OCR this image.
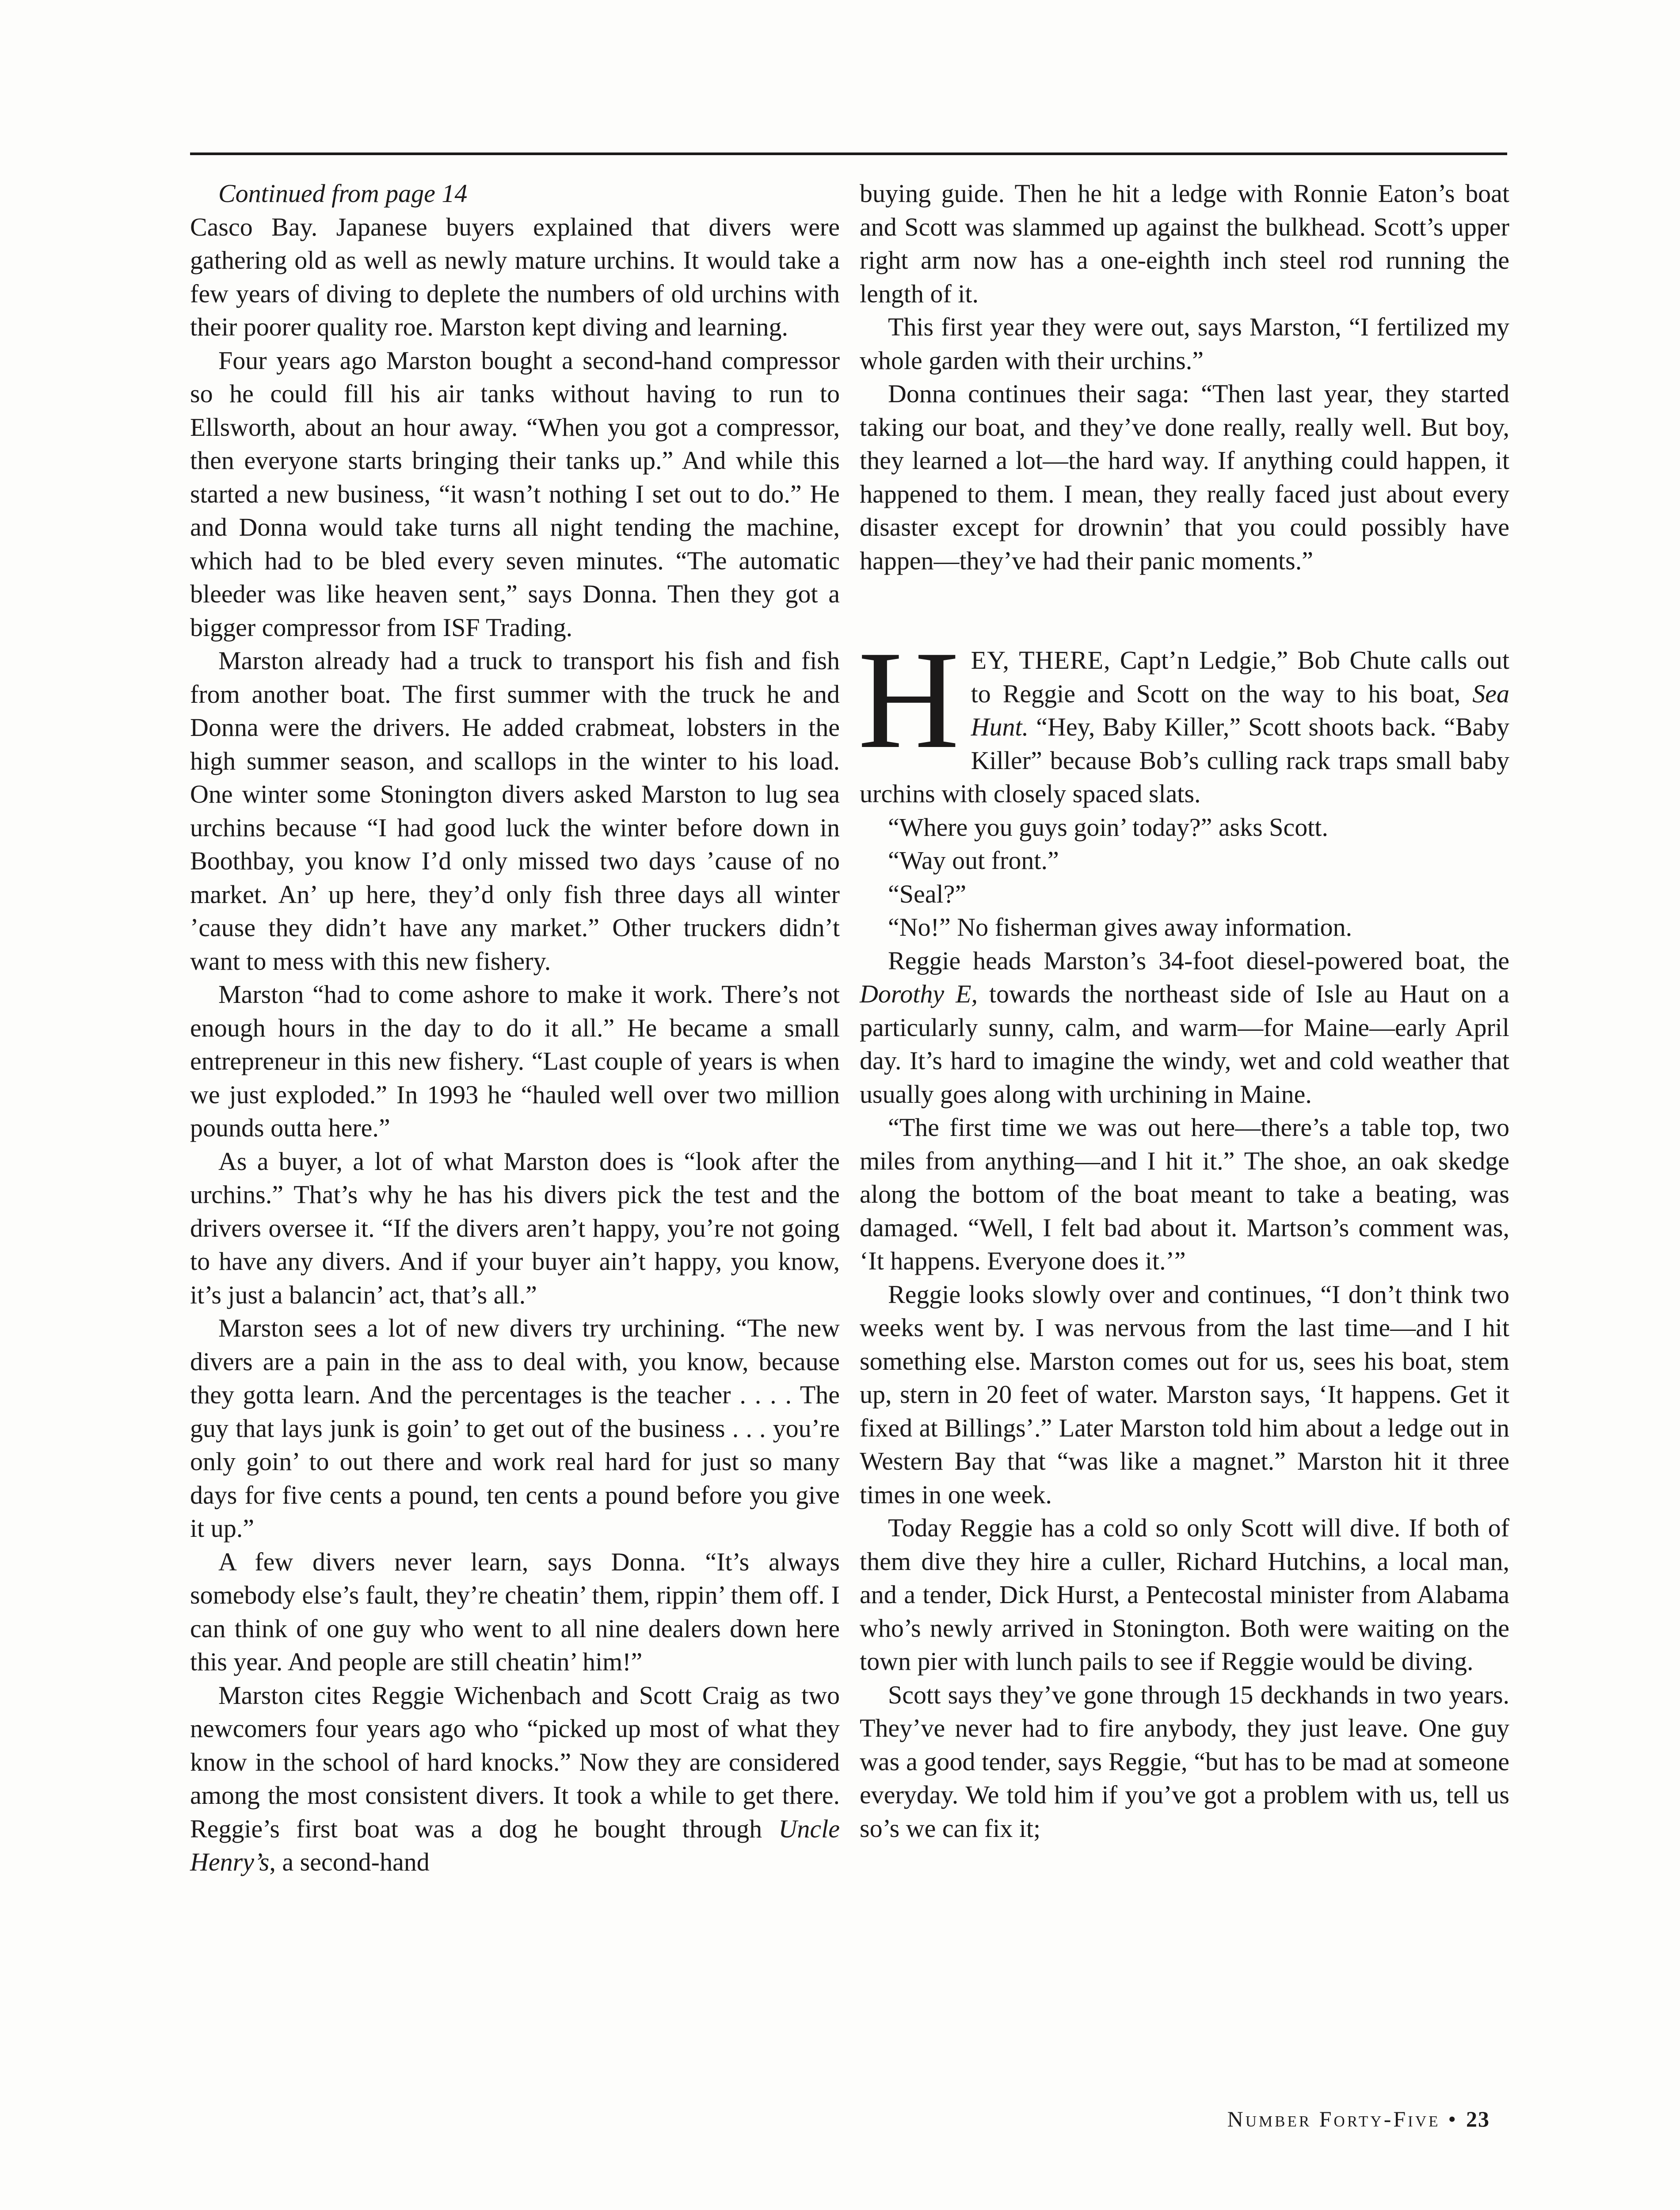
Continued from page 14

Casco Bay. Japanese buyers explained that divers were gathering old as well as newly mature urchins. It would take a few years of diving to deplete the numbers of old urchins with their poorer quality roe. Marston kept diving and learning.

Four years ago Marston bought a second-hand compressor so he could fill his air tanks without having to run to Ellsworth, about an hour away. “When you got a compressor, then everyone starts bringing their tanks up.” And while this started a new business, “it wasn’t nothing I set out to do.” He and Donna would take turns all night tending the machine, which had to be bled every seven minutes. “The automatic bleeder was like heaven sent,” says Donna. Then they got a bigger compressor from ISF Trading.

Marston already had a truck to transport his fish and fish from another boat. The first summer with the truck he and Donna were the drivers. He added crabmeat, lobsters in the high summer season, and scallops in the winter to his load. One winter some Stonington divers asked Marston to lug sea urchins because “I had good luck the winter before down in Boothbay, you know I’d only missed two days ’cause of no market. An’ up here, they’d only fish three days all winter ’cause they didn’t have any market.” Other truckers didn’t want to mess with this new fishery.

Marston “had to come ashore to make it work. There’s not enough hours in the day to do it all.” He became a small entrepreneur in this new fishery. “Last couple of years is when we just exploded.” In 1993 he “hauled well over two million pounds outta here.”

As a buyer, a lot of what Marston does is “look after the urchins.” That’s why he has his divers pick the test and the drivers oversee it. “If the divers aren’t happy, you’re not going to have any divers. And if your buyer ain’t happy, you know, it’s just a balancin’ act, that’s all.”

Marston sees a lot of new divers try urchining. “The new divers are a pain in the ass to deal with, you know, because they gotta learn. And the percentages is the teacher . . . . The guy that lays junk is goin’ to get out of the business . . . you’re only goin’ to out there and work real hard for just so many days for five cents a pound, ten cents a pound before you give it up.”

A few divers never learn, says Donna. “It’s always somebody else’s fault, they’re cheatin’ them, rippin’ them off. I can think of one guy who went to all nine dealers down here this year. And people are still cheatin’ him!”

Marston cites Reggie Wichenbach and Scott Craig as two newcomers four years ago who “picked up most of what they know in the school of hard knocks.” Now they are considered among the most consistent divers. It took a while to get there. Reggie’s first boat was a dog he bought through Uncle Henry’s, a second-hand

buying guide. Then he hit a ledge with Ronnie Eaton’s boat and Scott was slammed up against the bulkhead. Scott’s upper right arm now has a one-eighth inch steel rod running the length of it.

This first year they were out, says Marston, “I fertilized my whole garden with their urchins.”

Donna continues their saga: “Then last year, they started taking our boat, and they’ve done really, really well. But boy, they learned a lot—the hard way. If anything could happen, it happened to them. I mean, they really faced just about every disaster except for drownin’ that you could possibly have happen—they’ve had their panic moments.”

HEY, THERE, Capt’n Ledgie,” Bob Chute calls out to Reggie and Scott on the way to his boat, Sea Hunt. “Hey, Baby Killer,” Scott shoots back. “Baby Killer” because Bob’s culling rack traps small baby urchins with closely spaced slats.

“Where you guys goin’ today?” asks Scott.

“Way out front.”

“Seal?”

“No!” No fisherman gives away information.

Reggie heads Marston’s 34-foot diesel-powered boat, the Dorothy E, towards the northeast side of Isle au Haut on a particularly sunny, calm, and warm—for Maine—early April day. It’s hard to imagine the windy, wet and cold weather that usually goes along with urchining in Maine.

“The first time we was out here—there’s a table top, two miles from anything—and I hit it.” The shoe, an oak skedge along the bottom of the boat meant to take a beating, was damaged. “Well, I felt bad about it. Martson’s comment was, ‘It happens. Everyone does it.’”

Reggie looks slowly over and continues, “I don’t think two weeks went by. I was nervous from the last time—and I hit something else. Marston comes out for us, sees his boat, stem up, stern in 20 feet of water. Marston says, ‘It happens. Get it fixed at Billings’.” Later Marston told him about a ledge out in Western Bay that “was like a magnet.” Marston hit it three times in one week.

Today Reggie has a cold so only Scott will dive. If both of them dive they hire a culler, Richard Hutchins, a local man, and a tender, Dick Hurst, a Pentecostal minister from Alabama who’s newly arrived in Stonington. Both were waiting on the town pier with lunch pails to see if Reggie would be diving.

Scott says they’ve gone through 15 deckhands in two years. They’ve never had to fire anybody, they just leave. One guy was a good tender, says Reggie, “but has to be mad at someone everyday. We told him if you’ve got a problem with us, tell us so’s we can fix it;

Number Forty-Five • 23
